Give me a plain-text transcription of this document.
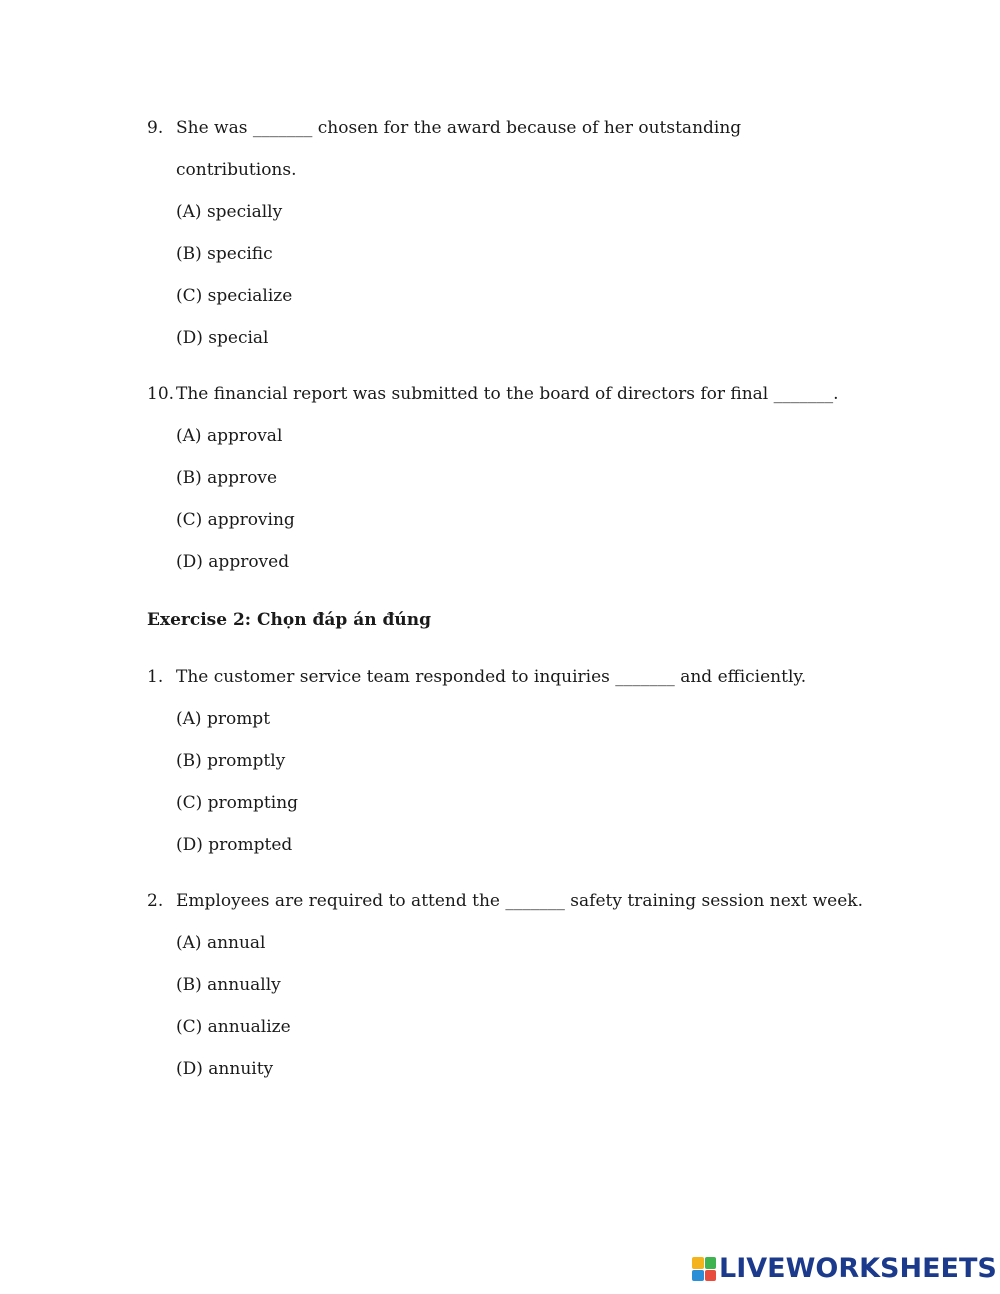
9. She was _______ chosen for the award because of her outstanding
contributions.
(A) specially
(B) specific
(C) specialize
(D) special
10. The financial report was submitted to the board of directors for final _______.
(A) approval
(B) approve
(C) approving
(D) approved
Exercise 2: Chọn đáp án đúng
1. The customer service team responded to inquiries _______ and efficiently.
(A) prompt
(B) promptly
(C) prompting
(D) prompted
2. Employees are required to attend the _______ safety training session next week.
(A) annual
(B) annually
(C) annualize
(D) annuity
LIVEWORKSHEETS
